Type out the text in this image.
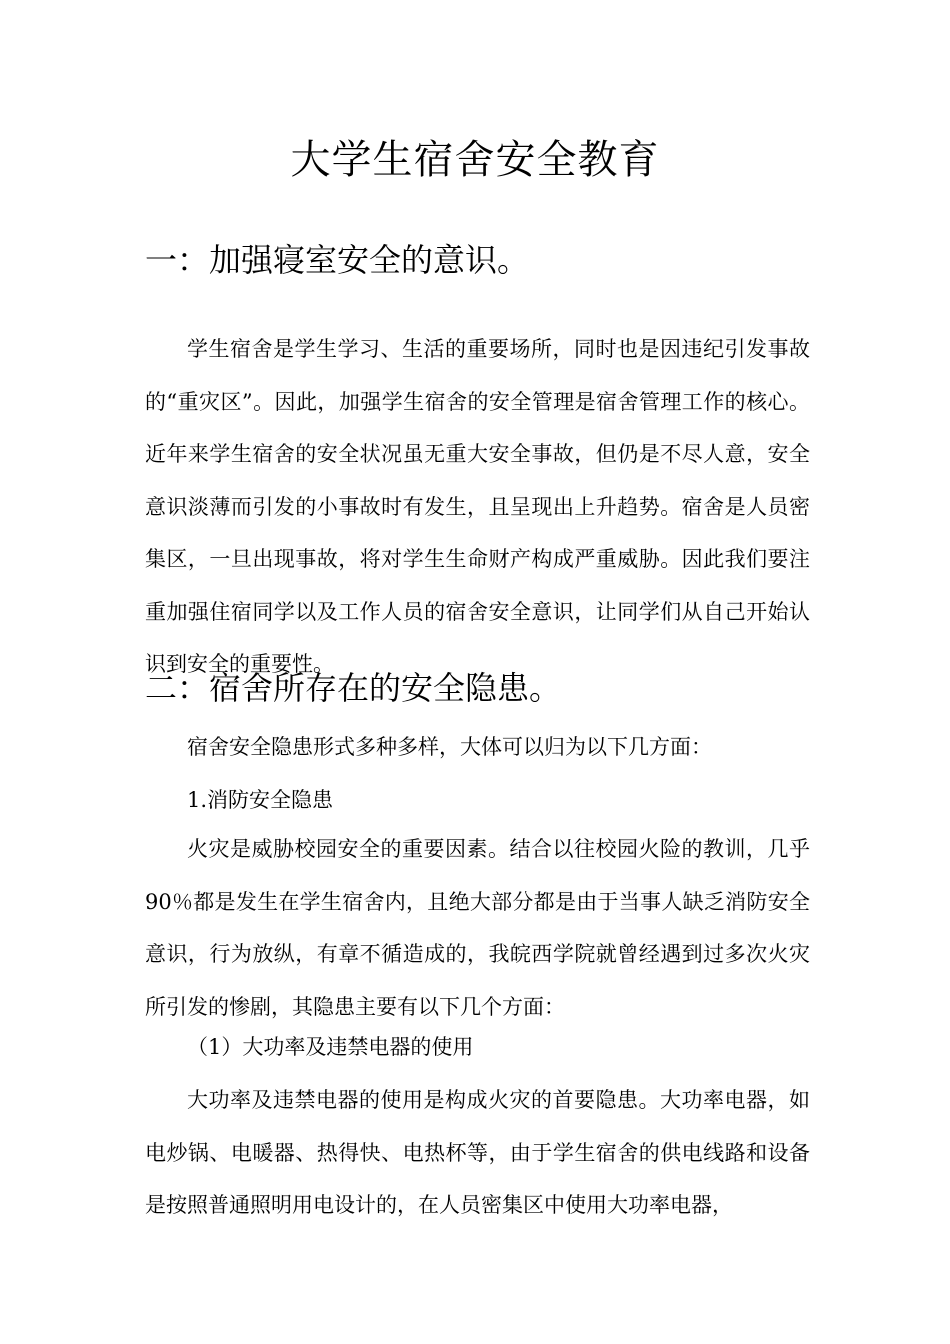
大学生宿舍安全教育
一：加强寝室安全的意识。

学生宿舍是学生学习、生活的重要场所，同时也是因违纪引发事故的“重灾区”。因此，加强学生宿舍的安全管理是宿舍管理工作的核心。近年来学生宿舍的安全状况虽无重大安全事故，但仍是不尽人意，安全意识淡薄而引发的小事故时有发生，且呈现出上升趋势。宿舍是人员密集区，一旦出现事故，将对学生生命财产构成严重威胁。因此我们要注重加强住宿同学以及工作人员的宿舍安全意识，让同学们从自己开始认识到安全的重要性。

二：宿舍所存在的安全隐患。

宿舍安全隐患形式多种多样，大体可以归为以下几方面：

1.消防安全隐患

火灾是威胁校园安全的重要因素。结合以往校园火险的教训，几乎90％都是发生在学生宿舍内，且绝大部分都是由于当事人缺乏消防安全意识，行为放纵，有章不循造成的，我皖西学院就曾经遇到过多次火灾所引发的惨剧，其隐患主要有以下几个方面：

（1）大功率及违禁电器的使用

大功率及违禁电器的使用是构成火灾的首要隐患。大功率电器，如电炒锅、电暖器、热得快、电热杯等，由于学生宿舍的供电线路和设备是按照普通照明用电设计的，在人员密集区中使用大功率电器，
